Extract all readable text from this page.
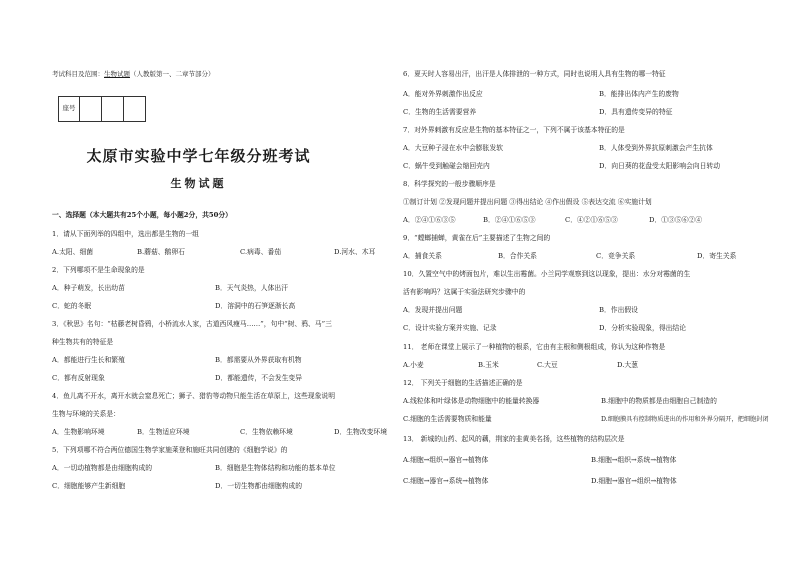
考试科目及范围：生物试题（人教版第一、二章节部分）
座号			
太原市实验中学七年级分班考试
生物试题
一、选择题（本大题共有25个小题，每小题2分，共50分）
1．请从下面列举的四组中，选出都是生物的一组
A.太阳、细菌	B.蘑菇、鹅卵石	C.病毒、番茄	D.河水、木耳
2．下列哪项不是生命现象的是
A．种子萌发，长出幼苗	B．天气炎热，人体出汗
C．蛇的冬眠	D．溶洞中的石笋逐渐长高
3．《秋思》名句：“枯藤老树昏鸦，小桥流水人家，古道西风瘦马……”，句中“树、鸦、马”三
种生物共有的特征是
A．都能进行生长和繁殖	B．都需要从外界获取有机物
C．都有反射现象	D．都能遗传，不会发生变异
4．鱼儿离不开水，离开水就会窒息死亡；狮子、猎豹等动物只能生活在草原上，这些现象说明
生物与环境的关系是：
A．生物影响环境	B．生物适应环境	C．生物依赖环境	D．生物改变环境
5．下列项哪不符合两位德国生物学家施莱登和施旺共同创建的《细胞学说》的
A．一切动植物都是由细胞构成的	B．细胞是生物体结构和功能的基本单位
C．细胞能够产生新细胞	D．一切生物都由细胞构成的
6．夏天时人容易出汗，出汗是人体排泄的一种方式，同时也说明人具有生物的哪一特征
A．能对外界刺激作出反应	B．能排出体内产生的废物
C．生物的生活需要营养	D．具有遗传变异的特征
7．对外界刺激有反应是生物的基本特征之一，下列不属于该基本特征的是
A．大豆种子浸在水中会膨胀发软	B．人体受到外界抗原刺激会产生抗体
C．蜗牛受到触碰会缩回壳内	D．向日葵的花盘受太阳影响会向日转动
8．科学探究的一般步骤顺序是
①制订计划 ②发现问题并提出问题 ③得出结论 ④作出假设 ⑤表达交流 ⑥实施计划
A．②④①⑥③⑤	B．②④①⑥⑤③	C．④②①⑥⑤③	D．①③⑤⑥②④
9．“螳螂捕蝉，黄雀在后”主要描述了生物之间的
A．捕食关系	B．合作关系	C．竞争关系	D．寄生关系
10．久置空气中的烤面包片，难以生出霉菌。小兰同学观察到这以现象，提出：水分对霉菌的生
活有影响吗？这属于实验法研究步骤中的
A．发现并提出问题	B．作出假设
C．设计实验方案并实施、记录	D．分析实验现象，得出结论
11． 老师在课堂上展示了一种植物的根系，它由有主根和侧根组成，你认为这种作物是
A.小麦	B.玉米	C.大豆	D.大葱
12． 下列关于细胞的生活描述正确的是
A.线粒体和叶绿体是动物细胞中的能量转换器	B.细胞中的物质都是由细胞自己制造的
C.细胞的生活需要物质和能量	D.细胞膜具有控制物质进出的作用和外界分隔开，把细胞封闭
13． 新城的山药、起风的藕，荆家的韭黄美名扬，这些植物的结构层次是
A.细胞→组织→器官→植物体	B.细胞→组织→系统→植物体
C.细胞→器官→系统→植物体	D.细胞→器官→组织→植物体
